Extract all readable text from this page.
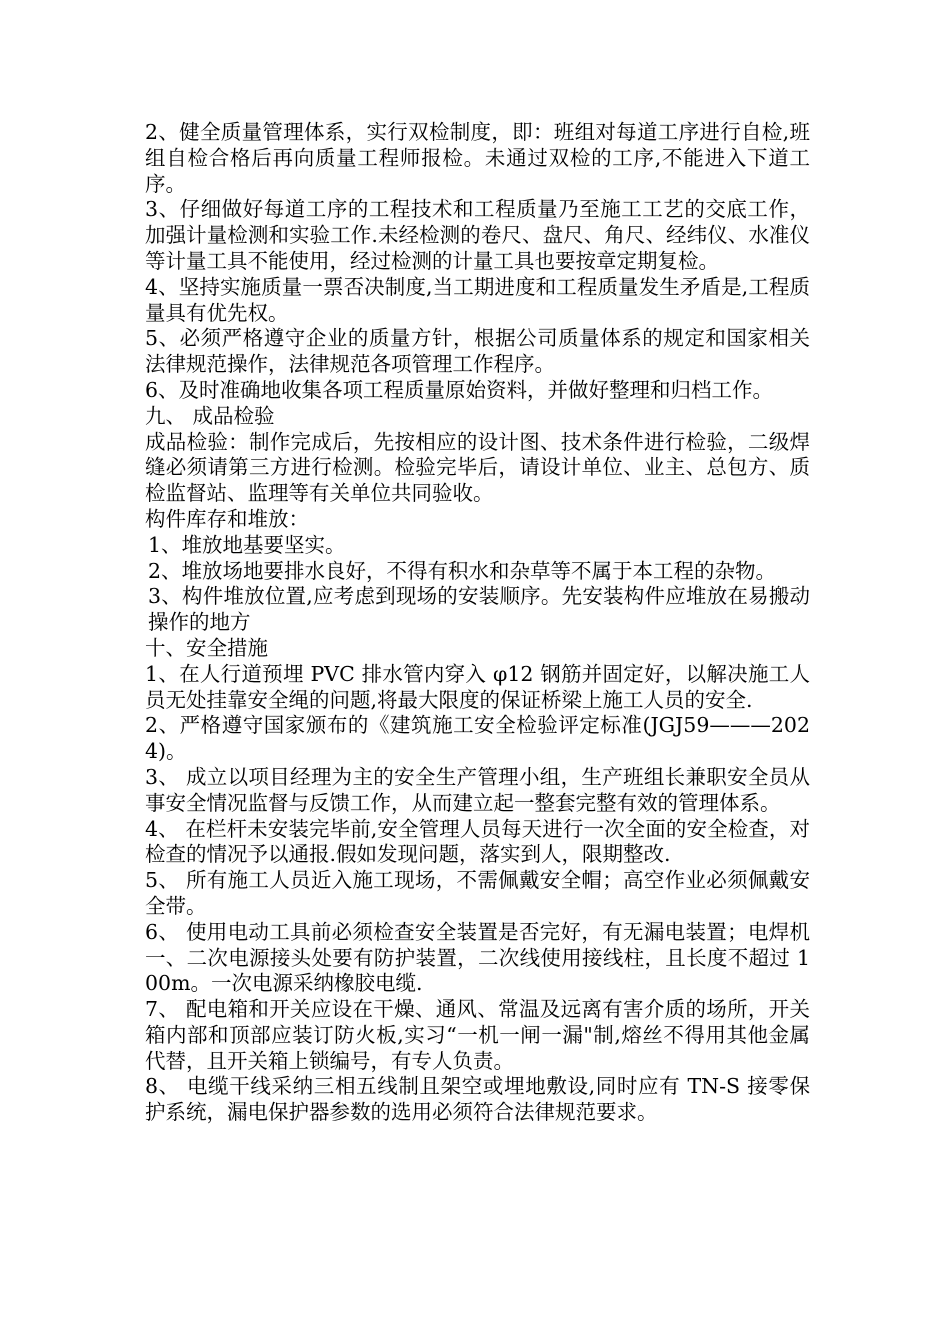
2、健全质量管理体系，实行双检制度，即：班组对每道工序进行自检,班组自检合格后再向质量工程师报检。未通过双检的工序,不能进入下道工序。

3、仔细做好每道工序的工程技术和工程质量乃至施工工艺的交底工作，加强计量检测和实验工作.未经检测的卷尺、盘尺、角尺、经纬仪、水准仪等计量工具不能使用，经过检测的计量工具也要按章定期复检。

4、坚持实施质量一票否决制度,当工期进度和工程质量发生矛盾是,工程质量具有优先权。

5、必须严格遵守企业的质量方针，根据公司质量体系的规定和国家相关法律规范操作，法律规范各项管理工作程序。

6、及时准确地收集各项工程质量原始资料，并做好整理和归档工作。

九、 成品检验

成品检验：制作完成后，先按相应的设计图、技术条件进行检验，二级焊缝必须请第三方进行检测。检验完毕后，请设计单位、业主、总包方、质检监督站、监理等有关单位共同验收。

构件库存和堆放：

1、堆放地基要坚实。

2、堆放场地要排水良好，不得有积水和杂草等不属于本工程的杂物。

3、构件堆放位置,应考虑到现场的安装顺序。先安装构件应堆放在易搬动操作的地方

十、安全措施

1、在人行道预埋 PVC 排水管内穿入 φ12 钢筋并固定好，以解决施工人员无处挂靠安全绳的问题,将最大限度的保证桥梁上施工人员的安全.

2、严格遵守国家颁布的《建筑施工安全检验评定标准(JGJ59———2024)。

3、 成立以项目经理为主的安全生产管理小组，生产班组长兼职安全员从事安全情况监督与反馈工作，从而建立起一整套完整有效的管理体系。

4、 在栏杆未安装完毕前,安全管理人员每天进行一次全面的安全检查，对检查的情况予以通报.假如发现问题，落实到人，限期整改.

5、 所有施工人员近入施工现场，不需佩戴安全帽；高空作业必须佩戴安全带。

6、 使用电动工具前必须检查安全装置是否完好，有无漏电装置；电焊机一、二次电源接头处要有防护装置，二次线使用接线柱，且长度不超过 100m。一次电源采纳橡胶电缆.

7、 配电箱和开关应设在干燥、通风、常温及远离有害介质的场所，开关箱内部和顶部应装订防火板,实习“一机一闸一漏"制,熔丝不得用其他金属代替，且开关箱上锁编号，有专人负责。

8、 电缆干线采纳三相五线制且架空或埋地敷设,同时应有 TN-S 接零保护系统，漏电保护器参数的选用必须符合法律规范要求。
